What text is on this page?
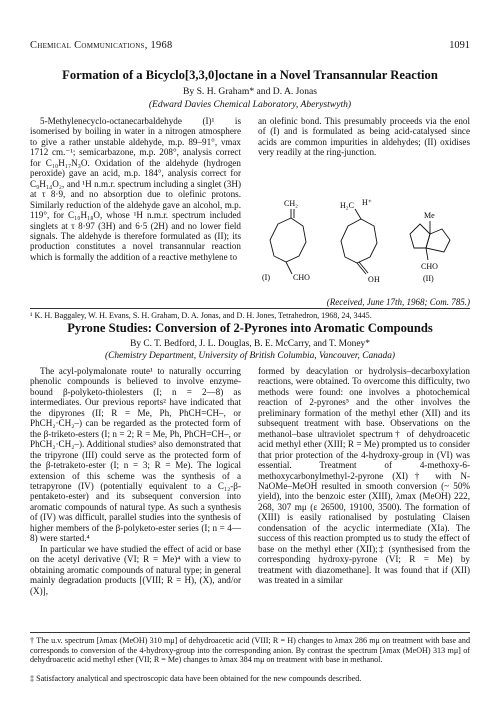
Chemical Communications, 1968	1091
Formation of a Bicyclo[3,3,0]octane in a Novel Transannular Reaction
By S. H. Graham* and D. A. Jonas
(Edward Davies Chemical Laboratory, Aberystwyth)

5-Methylenecyclo-octanecarbaldehyde (I)¹ is isomerised by boiling in water in a nitrogen atmosphere to give a rather unstable aldehyde, m.p. 89–91°, νmax 1712 cm.⁻¹; semicarbazone, m.p. 208°, analysis correct for C₁₀H₁₇N₃O. Oxidation of the aldehyde (hydrogen peroxide) gave an acid, m.p. 184°, analysis correct for C₉H₁₄O₂, and ¹H n.m.r. spectrum including a singlet (3H) at τ 8·9, and no absorption due to olefinic protons. Similarly reduction of the aldehyde gave an alcohol, m.p. 119°, for C₁₀H₁₈O, whose ¹H n.m.r. spectrum included singlets at τ 8·97 (3H) and 6·5 (2H) and no lower field signals. The aldehyde is therefore formulated as (II); its production constitutes a novel transannular reaction which is formally the addition of a reactive methylene to

an olefinic bond. This presumably proceeds via the enol of (I) and is formulated as being acid-catalysed since acids are common impurities in aldehydes; (II) oxidises very readily at the ring-junction.

CH₂
CHO
(I)
H₂C H⁺
O H
Me
CHO
(II)
(Received, June 17th, 1968; Com. 785.)
¹ K. H. Baggaley, W. H. Evans, S. H. Graham, D. A. Jonas, and D. H. Jones, Tetrahedron, 1968, 24, 3445.
Pyrone Studies: Conversion of 2-Pyrones into Aromatic Compounds
By C. T. Bedford, J. L. Douglas, B. E. McCarry, and T. Money*
(Chemistry Department, University of British Columbia, Vancouver, Canada)

The acyl-polymalonate route¹ to naturally occurring phenolic compounds is believed to involve enzyme-bound β-polyketo-thiolesters (I; n = 2—8) as intermediates. Our previous reports² have indicated that the dipyrones (II; R = Me, Ph, PhCH=CH–, or PhCH₂·CH₂–) can be regarded as the protected form of the β-triketo-esters (I; n = 2; R = Me, Ph, PhCH=CH–, or PhCH₂·CH₂–). Additional studies³ also demonstrated that the tripyrone (III) could serve as the protected form of the β-tetraketo-ester (I; n = 3; R = Me). The logical extension of this scheme was the synthesis of a tetrapyrone (IV) (potentially equivalent to a C₁₂-β-pentaketo-ester) and its subsequent conversion into aromatic compounds of natural type. As such a synthesis of (IV) was difficult, parallel studies into the synthesis of higher members of the β-polyketo-ester series (I; n = 4—8) were started.⁴

In particular we have studied the effect of acid or base on the acetyl derivative (VI; R = Me)⁴ with a view to obtaining aromatic compounds of natural type; in general mainly degradation products [(VIII; R = H), (X), and/or (X)],

formed by deacylation or hydrolysis–decarboxylation reactions, were obtained. To overcome this difficulty, two methods were found: one involves a photochemical reaction of 2-pyrones⁵ and the other involves the preliminary formation of the methyl ether (XII) and its subsequent treatment with base. Observations on the methanol–base ultraviolet spectrum† of dehydroacetic acid methyl ether (XIII; R = Me) prompted us to consider that prior protection of the 4-hydroxy-group in (VI) was essential. Treatment of 4-methoxy-6-methoxycarbonylmethyl-2-pyrone (XI)† with N-NaOMe–MeOH resulted in smooth conversion (~ 50% yield), into the benzoic ester (XIII), λmax (MeOH) 222, 268, 307 mμ (ε 26500, 19100, 3500). The formation of (XIII) is easily rationalised by postulating Claisen condensation of the acyclic intermediate (XIa). The success of this reaction prompted us to study the effect of base on the methyl ether (XII);‡ (synthesised from the corresponding hydroxy-pyrone (VI; R = Me) by treatment with diazomethane]. It was found that if (XII) was treated in a similar

† The u.v. spectrum [λmax (MeOH) 310 mμ] of dehydroacetic acid (VIII; R = H) changes to λmax 286 mμ on treatment with base and corresponds to conversion of the 4-hydroxy-group into the corresponding anion. By contrast the spectrum [λmax (MeOH) 313 mμ] of dehydroacetic acid methyl ether (VII; R = Me) changes to λmax 384 mμ on treatment with base in methanol.
‡ Satisfactory analytical and spectroscopic data have been obtained for the new compounds described.
